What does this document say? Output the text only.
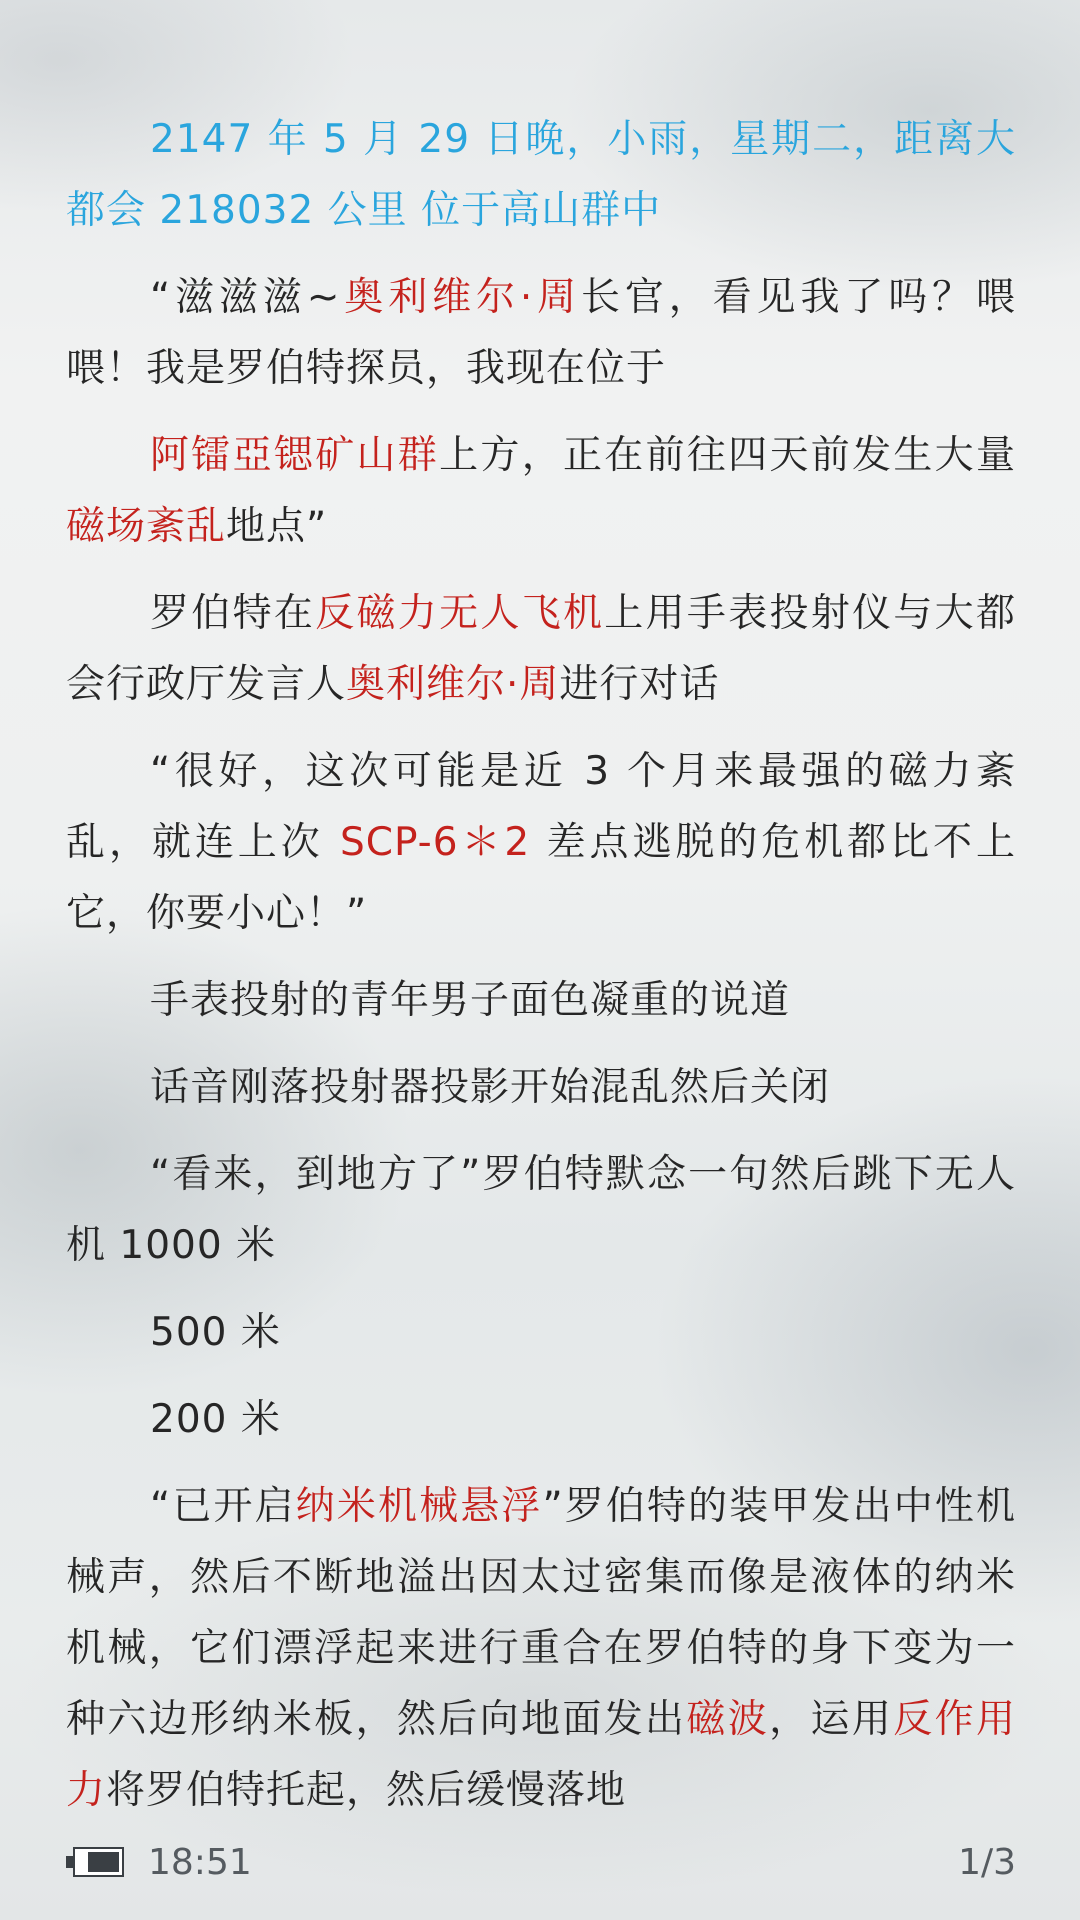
2147 年 5 月 29 日晚，小雨，星期二，距离大都会 218032 公里 位于高山群中

“滋滋滋~奥利维尔·周长官，看见我了吗？喂喂！我是罗伯特探员，我现在位于

阿镭亞锶矿山群上方，正在前往四天前发生大量磁场紊乱地点”

罗伯特在反磁力无人飞机上用手表投射仪与大都会行政厅发言人奥利维尔·周进行对话

“很好，这次可能是近 3 个月来最强的磁力紊乱，就连上次 SCP-6＊2 差点逃脱的危机都比不上它，你要小心！”

手表投射的青年男子面色凝重的说道

话音刚落投射器投影开始混乱然后关闭

“看来，到地方了”罗伯特默念一句然后跳下无人机 1000 米

500 米

200 米

“已开启纳米机械悬浮”罗伯特的装甲发出中性机械声，然后不断地溢出因太过密集而像是液体的纳米机械，它们漂浮起来进行重合在罗伯特的身下变为一种六边形纳米板，然后向地面发出磁波，运用反作用力将罗伯特托起，然后缓慢落地

18:51	1/3
